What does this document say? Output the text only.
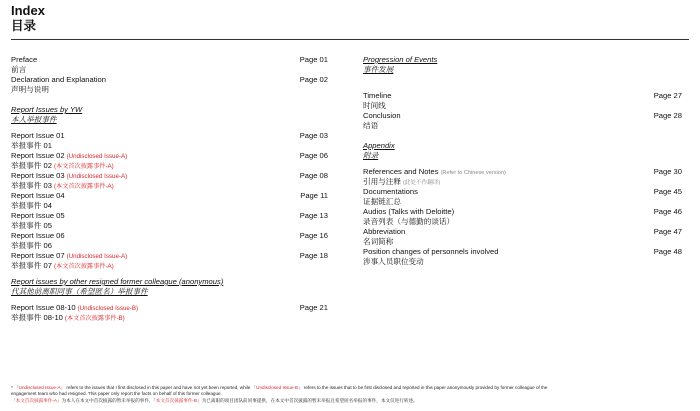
Index
目录
Preface	Page 01
前言
Declaration and Explanation	Page 02
声明与说明
Report Issues by YW
本人举报事件
Report Issue 01	Page 03
举报事件 01
Report Issue 02 (Undisclosed Issue-A)	Page 06
举报事件 02 (本文首次披露事件-A)
Report Issue 03 (Undisclosed Issue-A)	Page 08
举报事件 03 (本文首次披露事件-A)
Report Issue 04	Page 11
举报事件 04
Report Issue 05	Page 13
举报事件 05
Report Issue 06	Page 16
举报事件 06
Report Issue 07 (Undisclosed Issue-A)	Page 18
举报事件 07 (本文首次披露事件-A)
Report issues by other resigned former colleague (anonymous)
代其他前离职同事（希望匿名）举报事件
Report Issue 08-10 (Undisclosed Issue-B)	Page 21
举报事件 08-10 (本文首次披露事件-B)
Progression of Events
事件发展
Timeline	Page 27
时间线
Conclusion	Page 28
结语
Appendix
附录
References and Notes (Refer to Chinese version)	Page 30
引用与注释 (此处不作翻译)
Documentations	Page 45
证据链汇总
Audios (Talks with Deloitte)	Page 46
录音列表（与德勤的谈话）
Abbreviation	Page 47
名词简称
Position changes of personnels involved	Page 48
涉事人员职位变动
* 「Undisclosed Issue-A」 refers to the issues that I first disclosed in this paper and have not yet been reported, while 「Undisclosed Issue-B」 refers to the issues that to be first disclosed and reported in this paper anonymously provided by former colleague of the
engagement team who had resigned. This paper only report the facts on behalf of this former colleague.
「本文首次披露事件-A」为本人在本文中首次披露的暂未举报的事件，「本文首次披露事件-B」为已离职的项目团队前同事提供，在本文中首次披露的暂未举报且希望匿名举报的事件，本文仅进行转述。
